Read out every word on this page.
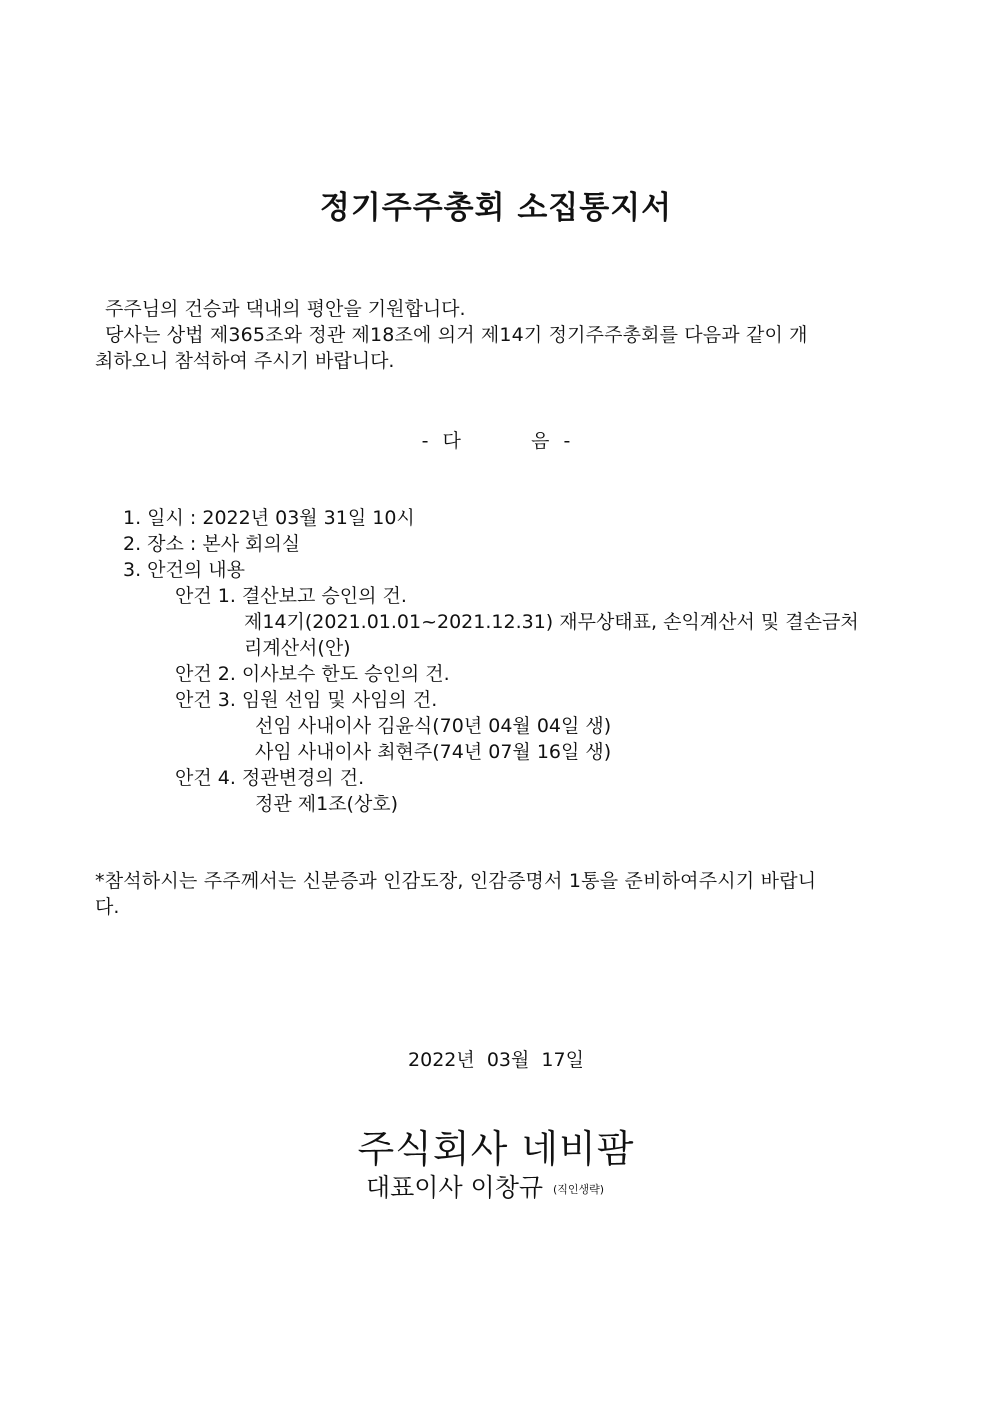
정기주주총회 소집통지서
주주님의 건승과 댁내의 평안을 기원합니다.
당사는 상법 제365조와 정관 제18조에 의거 제14기 정기주주총회를 다음과 같이 개
최하오니 참석하여 주시기 바랍니다.
- 다     음 -
1. 일시 : 2022년 03월 31일 10시
2. 장소 : 본사 회의실
3. 안건의 내용
안건 1. 결산보고 승인의 건.
제14기(2021.01.01~2021.12.31) 재무상태표, 손익계산서 및 결손금처
리계산서(안)
안건 2. 이사보수 한도 승인의 건.
안건 3. 임원 선임 및 사임의 건.
선임 사내이사 김윤식(70년 04월 04일 생)
사임 사내이사 최현주(74년 07월 16일 생)
안건 4. 정관변경의 건.
정관 제1조(상호)
*참석하시는 주주께서는 신분증과 인감도장, 인감증명서 1통을 준비하여주시기 바랍니
다.
2022년  03월  17일
주식회사 네비팜
대표이사 이창규 (직인생략)
